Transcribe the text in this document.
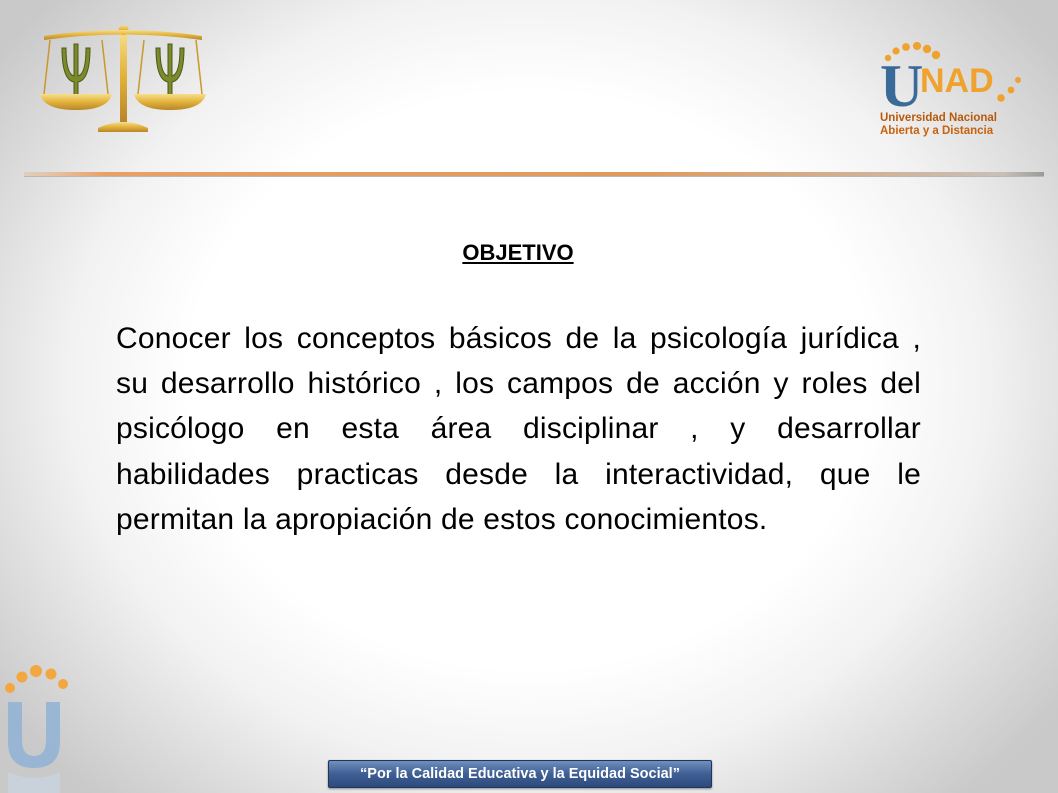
U
NAD
Universidad Nacional
Abierta y a Distancia
OBJETIVO
Conocer los conceptos básicos de la psicología jurídica , su desarrollo histórico , los campos de acción y roles del psicólogo en esta área disciplinar , y desarrollar habilidades practicas desde la interactividad, que le permitan la apropiación de estos conocimientos.
“Por la Calidad Educativa y la Equidad Social”
